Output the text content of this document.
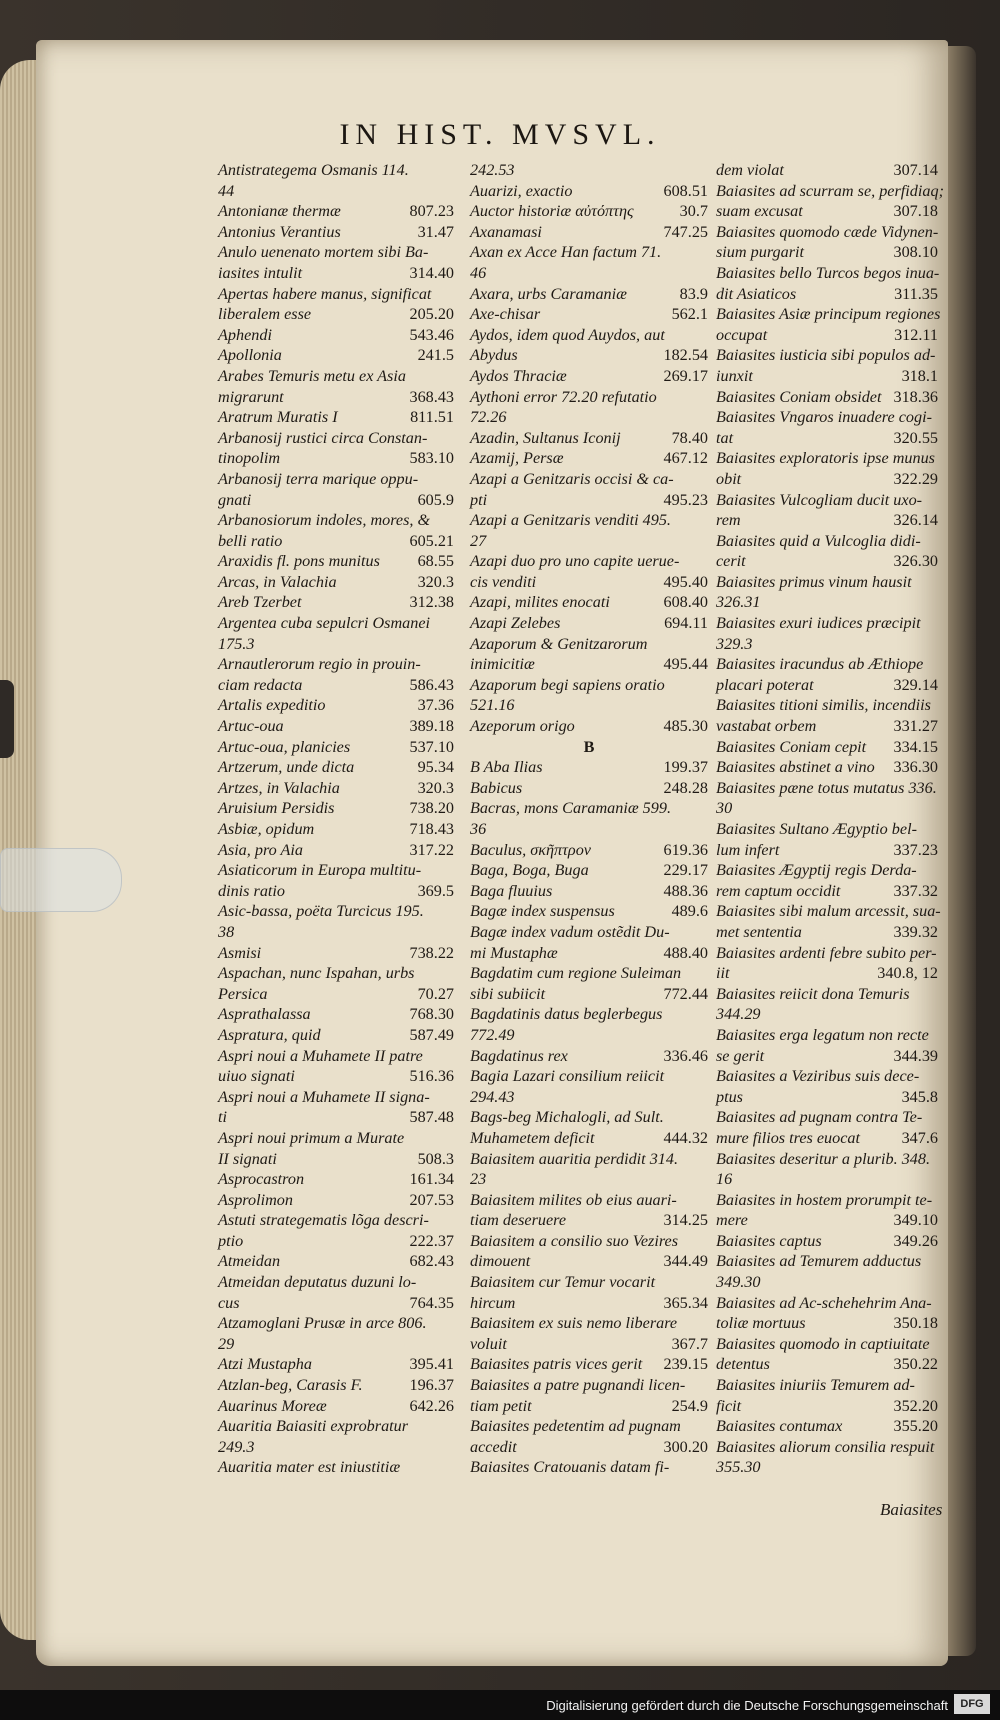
IN HIST. MVSVL.
Antistrategema Osmanis 114.
44
Antonianæ thermæ	807.23
Antonius Verantius	31.47
Anulo uenenato mortem sibi Ba-
iasites intulit	314.40
Apertas habere manus, significat
liberalem esse	205.20
Aphendi	543.46
Apollonia	241.5
Arabes Temuris metu ex Asia
migrarunt	368.43
Aratrum Muratis I	811.51
Arbanosij rustici circa Constan-
tinopolim	583.10
Arbanosij terra marique oppu-
gnati	605.9
Arbanosiorum indoles, mores, &
belli ratio	605.21
Araxidis fl. pons munitus 68.55
Arcas, in Valachia	320.3
Areb Tzerbet	312.38
Argentea cuba sepulcri Osmanei
175.3
Arnautlerorum regio in prouin-
ciam redacta	586.43
Artalis expeditio	37.36
Artuc-oua	389.18
Artuc-oua, planicies	537.10
Artzerum, unde dicta	95.34
Artzes, in Valachia	320.3
Aruisium Persidis	738.20
Asbiæ, opidum	718.43
Asia, pro Aia	317.22
Asiaticorum in Europa multitu-
dinis ratio	369.5
Asic-bassa, poëta Turcicus 195.
38
Asmisi	738.22
Aspachan, nunc Ispahan, urbs
Persica	70.27
Asprathalassa	768.30
Aspratura, quid	587.49
Aspri noui a Muhamete II patre
uiuo signati	516.36
Aspri noui a Muhamete II signa-
ti	587.48
Aspri noui primum a Murate
II signati	508.3
Asprocastron	161.34
Asprolimon	207.53
Astuti strategematis lõga descri-
ptio	222.37
Atmeidan	682.43
Atmeidan deputatus duzuni lo-
cus	764.35
Atzamoglani Prusæ in arce 806.
29
Atzi Mustapha	395.41
Atzlan-beg, Carasis F.	196.37
Auarinus Moreæ	642.26
Auaritia Baiasiti exprobratur
249.3
Auaritia mater est iniustitiæ
242.53
Auarizi, exactio	608.51
Auctor historiæ αὐτόπτης	30.7
Axanamasi	747.25
Axan ex Acce Han factum 71.
46
Axara, urbs Caramaniæ	83.9
Axe-chisar	562.1
Aydos, idem quod Auydos, aut
Abydus	182.54
Aydos Thraciæ	269.17
Aythoni error 72.20 refutatio
72.26
Azadin, Sultanus Iconij	78.40
Azamij, Persæ	467.12
Azapi a Genitzaris occisi & ca-
pti	495.23
Azapi a Genitzaris venditi 495.
27
Azapi duo pro uno capite uerue-
cis venditi	495.40
Azapi, milites enocati	608.40
Azapi Zelebes	694.11
Azaporum & Genitzarorum
inimicitiæ	495.44
Azaporum begi sapiens oratio
521.16
Azeporum origo	485.30
B
B Aba Ilias	199.37
Babicus	248.28
Bacras, mons Caramaniæ 599.
36
Baculus, σκῆπτρον	619.36
Baga, Boga, Buga	229.17
Baga fluuius	488.36
Bagæ index suspensus	489.6
Bagæ index vadum ostẽdit Du-
mi Mustaphæ	488.40
Bagdatim cum regione Suleiman
sibi subiicit	772.44
Bagdatinis datus beglerbegus
772.49
Bagdatinus rex	336.46
Bagia Lazari consilium reiicit
294.43
Bags-beg Michalogli, ad Sult.
Muhametem deficit	444.32
Baiasitem auaritia perdidit 314.
23
Baiasitem milites ob eius auari-
tiam deseruere	314.25
Baiasitem a consilio suo Vezires
dimouent	344.49
Baiasitem cur Temur vocarit
hircum	365.34
Baiasitem ex suis nemo liberare
voluit	367.7
Baiasites patris vices gerit 239.15
Baiasites a patre pugnandi licen-
tiam petit	254.9
Baiasites pedetentim ad pugnam
accedit	300.20
Baiasites Cratouanis datam fi-
dem violat	307.14
Baiasites ad scurram se, perfidiaq;
suam excusat	307.18
Baiasites quomodo cæde Vidynen-
sium purgarit	308.10
Baiasites bello Turcos begos inua-
dit Asiaticos	311.35
Baiasites Asiæ principum regiones
occupat	312.11
Baiasites iusticia sibi populos ad-
iunxit	318.1
Baiasites Coniam obsidet 318.36
Baiasites Vngaros inuadere cogi-
tat	320.55
Baiasites exploratoris ipse munus
obit	322.29
Baiasites Vulcogliam ducit uxo-
rem	326.14
Baiasites quid a Vulcoglia didi-
cerit	326.30
Baiasites primus vinum hausit
326.31
Baiasites exuri iudices præcipit
329.3
Baiasites iracundus ab Æthiope
placari poterat	329.14
Baiasites titioni similis, incendiis
vastabat orbem	331.27
Baiasites Coniam cepit 334.15
Baiasites abstinet a vino 336.30
Baiasites pæne totus mutatus 336.
30
Baiasites Sultano Ægyptio bel-
lum infert	337.23
Baiasites Ægyptij regis Derda-
rem captum occidit	337.32
Baiasites sibi malum arcessit, sua-
met sententia	339.32
Baiasites ardenti febre subito per-
iit	340.8, 12
Baiasites reiicit dona Temuris
344.29
Baiasites erga legatum non recte
se gerit	344.39
Baiasites a Veziribus suis dece-
ptus	345.8
Baiasites ad pugnam contra Te-
mure filios tres euocat	347.6
Baiasites deseritur a plurib. 348.
16
Baiasites in hostem prorumpit te-
mere	349.10
Baiasites captus	349.26
Baiasites ad Temurem adductus
349.30
Baiasites ad Ac-schehehrim Ana-
toliæ mortuus	350.18
Baiasites quomodo in captiuitate
detentus	350.22
Baiasites iniuriis Temurem ad-
ficit	352.20
Baiasites contumax	355.20
Baiasites aliorum consilia respuit
355.30
Baiasites
Digitalisierung gefördert durch die Deutsche Forschungsgemeinschaft	DFG
